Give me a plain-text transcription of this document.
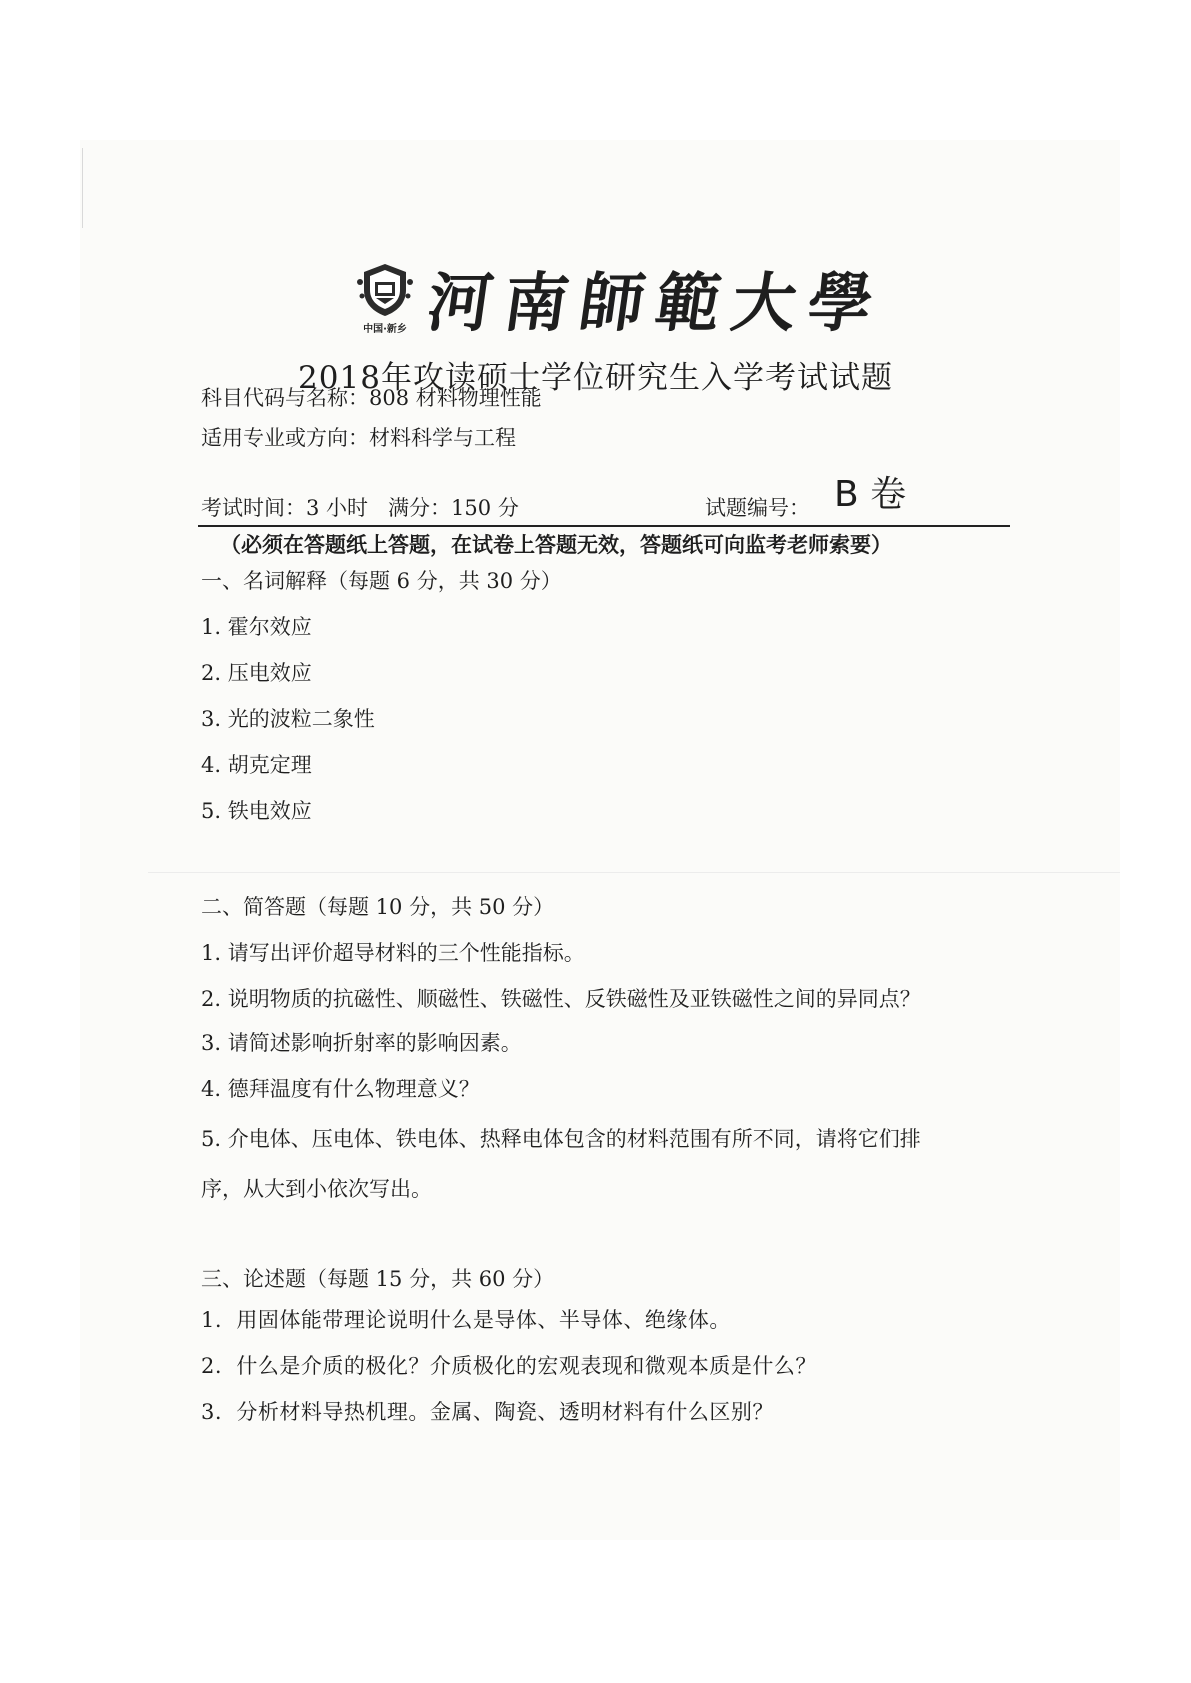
中国·新乡 河南師範大學
2018年攻读硕士学位研究生入学考试试题
科目代码与名称：808 材料物理性能
适用专业或方向：材料科学与工程
考试时间：3 小时   满分：150 分	试题编号： B 卷
（必须在答题纸上答题，在试卷上答题无效，答题纸可向监考老师索要）
一、名词解释（每题 6 分，共 30 分）
1. 霍尔效应
2. 压电效应
3. 光的波粒二象性
4. 胡克定理
5. 铁电效应
二、简答题（每题 10 分，共 50 分）
1. 请写出评价超导材料的三个性能指标。
2. 说明物质的抗磁性、顺磁性、铁磁性、反铁磁性及亚铁磁性之间的异同点？
3. 请简述影响折射率的影响因素。
4. 德拜温度有什么物理意义？
5. 介电体、压电体、铁电体、热释电体包含的材料范围有所不同，请将它们排
序，从大到小依次写出。
三、论述题（每题 15 分，共 60 分）
1.  用固体能带理论说明什么是导体、半导体、绝缘体。
2.  什么是介质的极化？介质极化的宏观表现和微观本质是什么？
3.  分析材料导热机理。金属、陶瓷、透明材料有什么区别？
